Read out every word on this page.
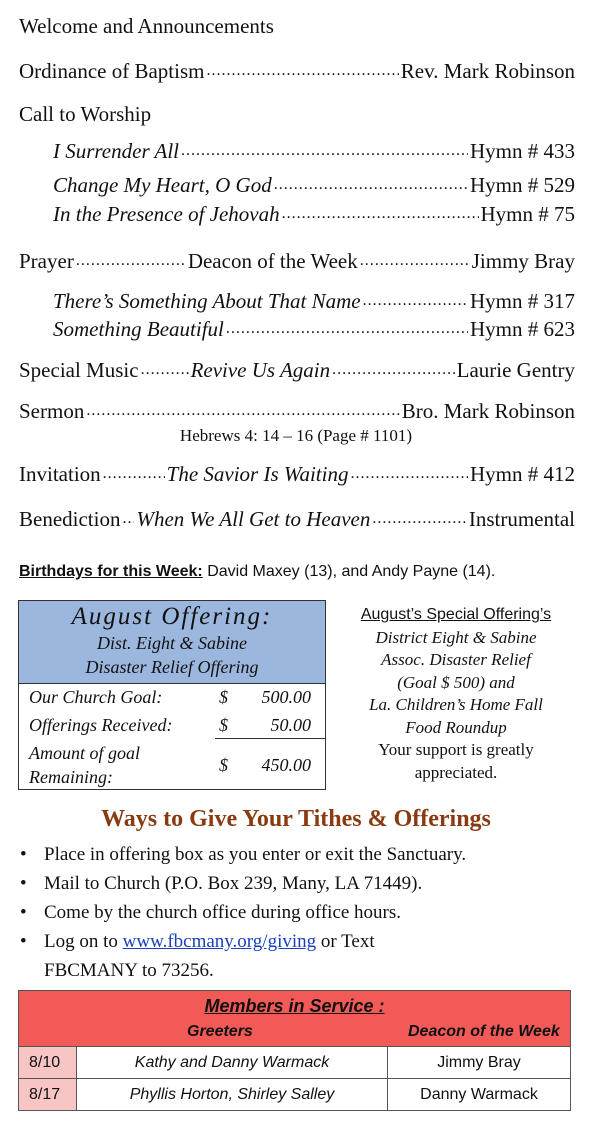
Welcome and Announcements
Ordinance of Baptism .....	Rev. Mark Robinson
Call to Worship
I Surrender All .....	Hymn # 433
Change My Heart, O God .....	Hymn # 529
In the Presence of Jehovah .....	Hymn # 75
Prayer .....	Deacon of the Week .....	Jimmy Bray
There’s Something About That Name .....	Hymn # 317
Something Beautiful .....	Hymn # 623
Special Music ..... Revive Us Again .....	Laurie Gentry
Sermon .....	Bro. Mark Robinson
Hebrews 4: 14 – 16 (Page # 1101)
Invitation .....	The Savior Is Waiting .....	Hymn # 412
Benediction ..... When We All Get to Heaven .....	Instrumental
Birthdays for this Week: David Maxey (13), and Andy Payne (14).
August Offering:
Dist. Eight & Sabine
Disaster Relief Offering
Our Church Goal:	$	500.00
Offerings Received:	$	50.00
Amount of goal
Remaining:
$	450.00
August’s Special Offering’s
District Eight & Sabine
Assoc. Disaster Relief
(Goal $ 500) and
La. Children’s Home Fall
Food Roundup
Your support is greatly
appreciated.
Ways to Give Your Tithes & Offerings
• Place in offering box as you enter or exit the Sanctuary.
• Mail to Church (P.O. Box 239, Many, LA 71449).
• Come by the church office during office hours.
• Log on to www.fbcmany.org/giving or Text
FBCMANY to 73256.
Members in Service :
Greeters	Deacon of the Week
8/10	Kathy and Danny Warmack	Jimmy Bray
8/17	Phyllis Horton, Shirley Salley	Danny Warmack
